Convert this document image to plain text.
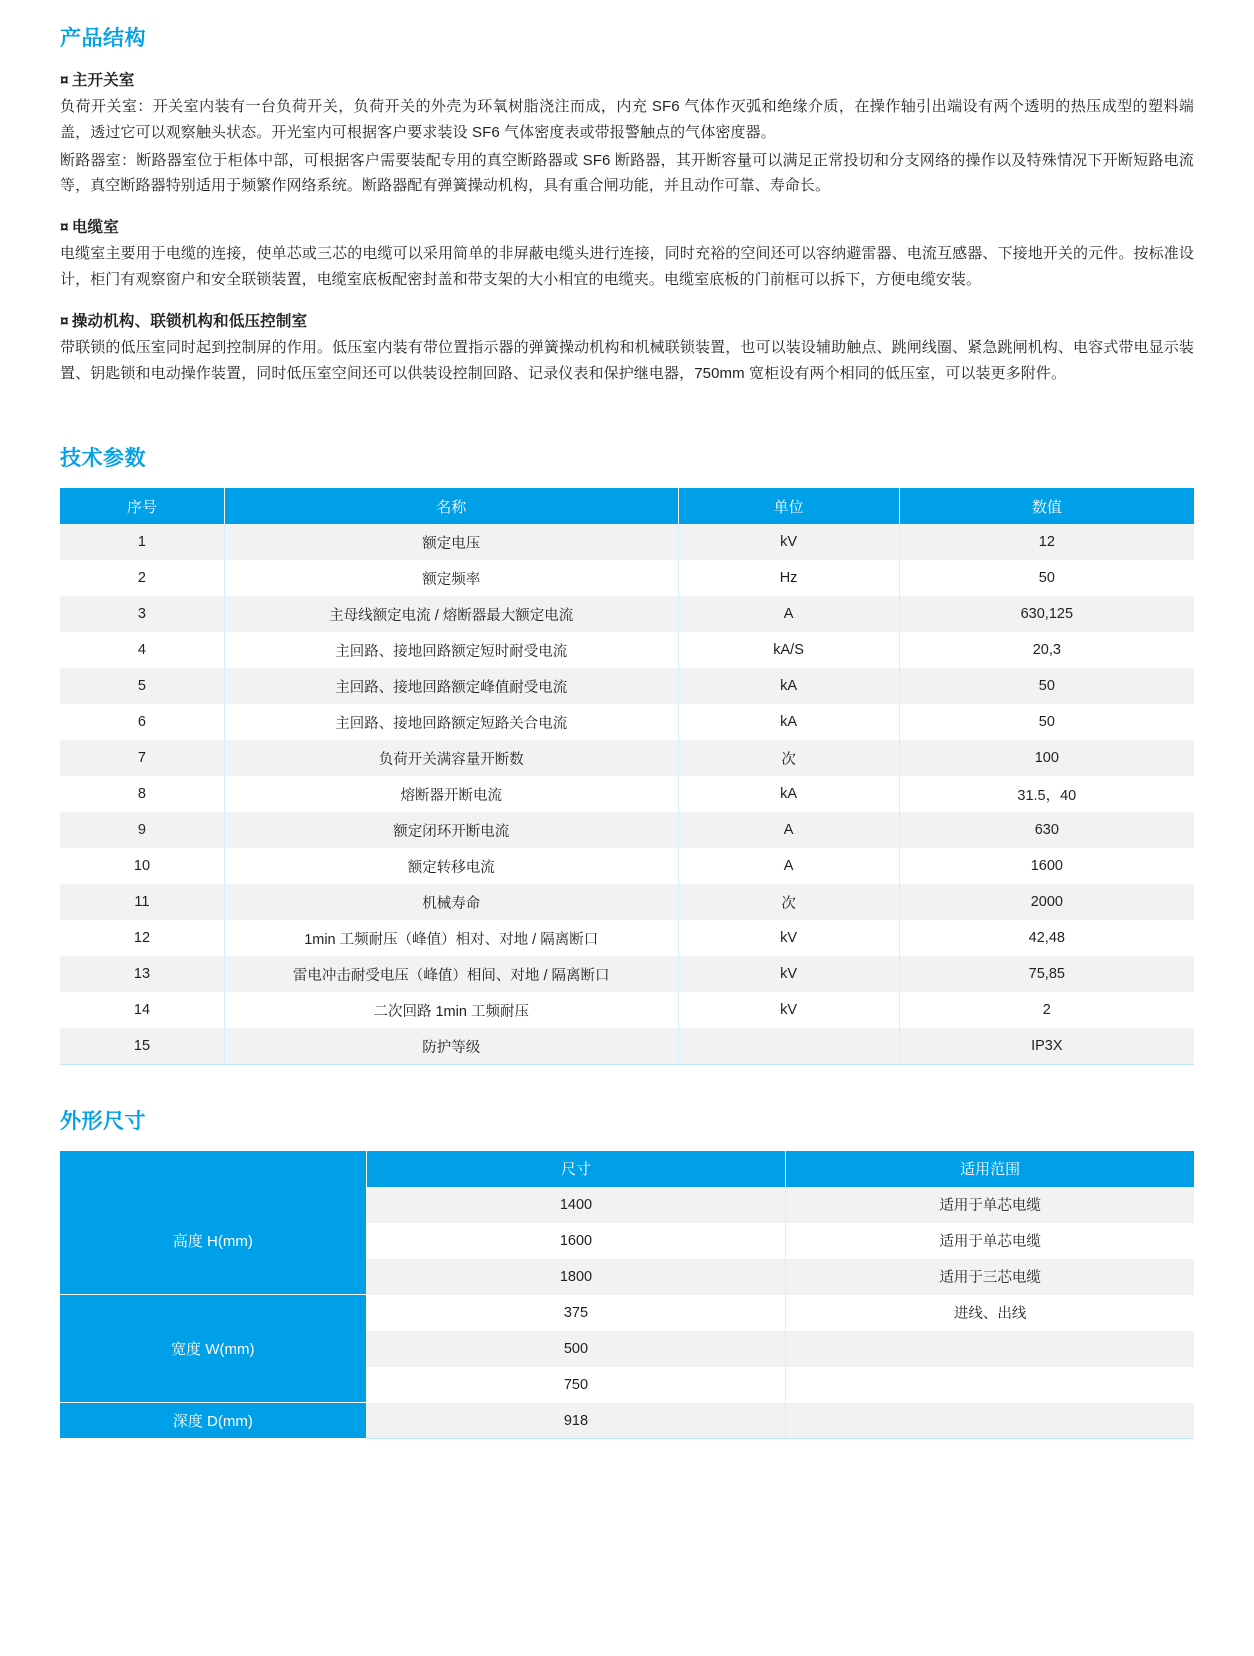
产品结构
¤ 主开关室

负荷开关室：开关室内装有一台负荷开关，负荷开关的外壳为环氧树脂浇注而成，内充 SF6 气体作灭弧和绝缘介质，在操作轴引出端设有两个透明的热压成型的塑料端盖，透过它可以观察触头状态。开光室内可根据客户要求装设 SF6 气体密度表或带报警触点的气体密度器。

断路器室：断路器室位于柜体中部，可根据客户需要装配专用的真空断路器或 SF6 断路器，其开断容量可以满足正常投切和分支网络的操作以及特殊情况下开断短路电流等，真空断路器特别适用于频繁作网络系统。断路器配有弹簧操动机构，具有重合闸功能，并且动作可靠、寿命长。

¤ 电缆室

电缆室主要用于电缆的连接，使单芯或三芯的电缆可以采用简单的非屏蔽电缆头进行连接，同时充裕的空间还可以容纳避雷器、电流互感器、下接地开关的元件。按标准设计，柜门有观察窗户和安全联锁装置，电缆室底板配密封盖和带支架的大小相宜的电缆夹。电缆室底板的门前框可以拆下，方便电缆安装。

¤ 操动机构、联锁机构和低压控制室

带联锁的低压室同时起到控制屏的作用。低压室内装有带位置指示器的弹簧操动机构和机械联锁装置，也可以装设辅助触点、跳闸线圈、紧急跳闸机构、电容式带电显示装置、钥匙锁和电动操作装置，同时低压室空间还可以供装设控制回路、记录仪表和保护继电器，750mm 宽柜设有两个相同的低压室，可以装更多附件。

技术参数
序号	名称	单位	数值
1	额定电压	kV	12
2	额定频率	Hz	50
3	主母线额定电流 / 熔断器最大额定电流	A	630,125
4	主回路、接地回路额定短时耐受电流	kA/S	20,3
5	主回路、接地回路额定峰值耐受电流	kA	50
6	主回路、接地回路额定短路关合电流	kA	50
7	负荷开关满容量开断数	次	100
8	熔断器开断电流	kA	31.5，40
9	额定闭环开断电流	A	630
10	额定转移电流	A	1600
11	机械寿命	次	2000
12	1min 工频耐压（峰值）相对、对地 / 隔离断口	kV	42,48
13	雷电冲击耐受电压（峰值）相间、对地 / 隔离断口	kV	75,85
14	二次回路 1min 工频耐压	kV	2
15	防护等级		IP3X
外形尺寸
	尺寸	适用范围
高度 H(mm)	1400	适用于单芯电缆
	1600	适用于单芯电缆
	1800	适用于三芯电缆
宽度 W(mm)	375	进线、出线
	500	
	750	
深度 D(mm)	918	
